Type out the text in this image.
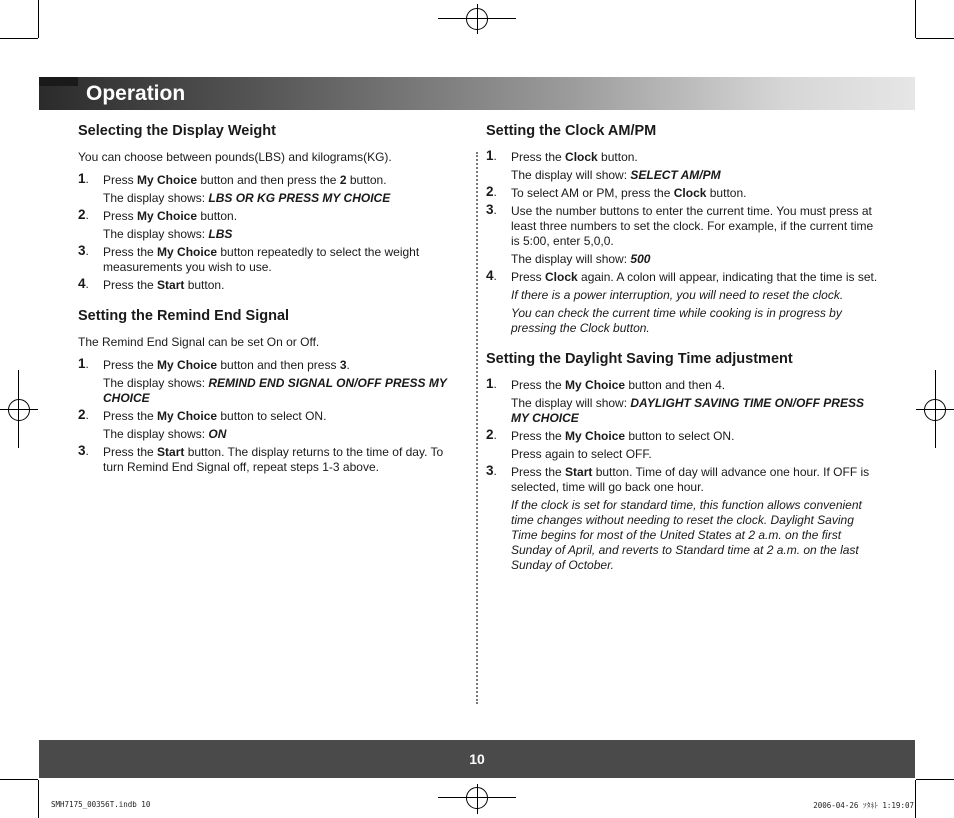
Operation
Selecting the Display Weight

You can choose between pounds(LBS) and kilograms(KG).

1 . Press My Choice button and then press the 2 button.
The display shows: LBS OR KG PRESS MY CHOICE
2 . Press My Choice button.
The display shows: LBS
3 . Press the My Choice button repeatedly to select the weight measurements you wish to use.
4 . Press the Start button.
Setting the Remind End Signal

The Remind End Signal can be set On or Off.

1 . Press the My Choice button and then press 3.
The display shows: REMIND END SIGNAL ON/OFF PRESS MY CHOICE
2 . Press the My Choice button to select ON.
The display shows: ON
3 . Press the Start button. The display returns to the time of day. To turn Remind End Signal off, repeat steps 1-3 above.
Setting the Clock AM/PM
1 . Press the Clock button.
The display will show: SELECT AM/PM
2 . To select AM or PM, press the Clock button.
3 . Use the number buttons to enter the current time. You must press at least three numbers to set the clock. For example, if the current time is 5:00, enter 5,0,0.
The display will show: 500
4 . Press Clock again. A colon will appear, indicating that the time is set.
If there is a power interruption, you will need to reset the clock.
You can check the current time while cooking is in progress by pressing the Clock button.
Setting the Daylight Saving Time adjustment
1 . Press the My Choice button and then 4.
The display will show: DAYLIGHT SAVING TIME ON/OFF PRESS MY CHOICE
2 . Press the My Choice button to select ON.
Press again to select OFF.
3 . Press the Start button. Time of day will advance one hour. If OFF is selected, time will go back one hour.
If the clock is set for standard time, this function allows convenient time changes without needing to reset the clock. Daylight Saving Time begins for most of the United States at 2 a.m. on the first Sunday of April, and reverts to Standard time at 2 a.m. on the last Sunday of October.
10
SMH7175_00356T.indb 10	2006-04-26 ｿﾀﾈﾄ 1:19:07
